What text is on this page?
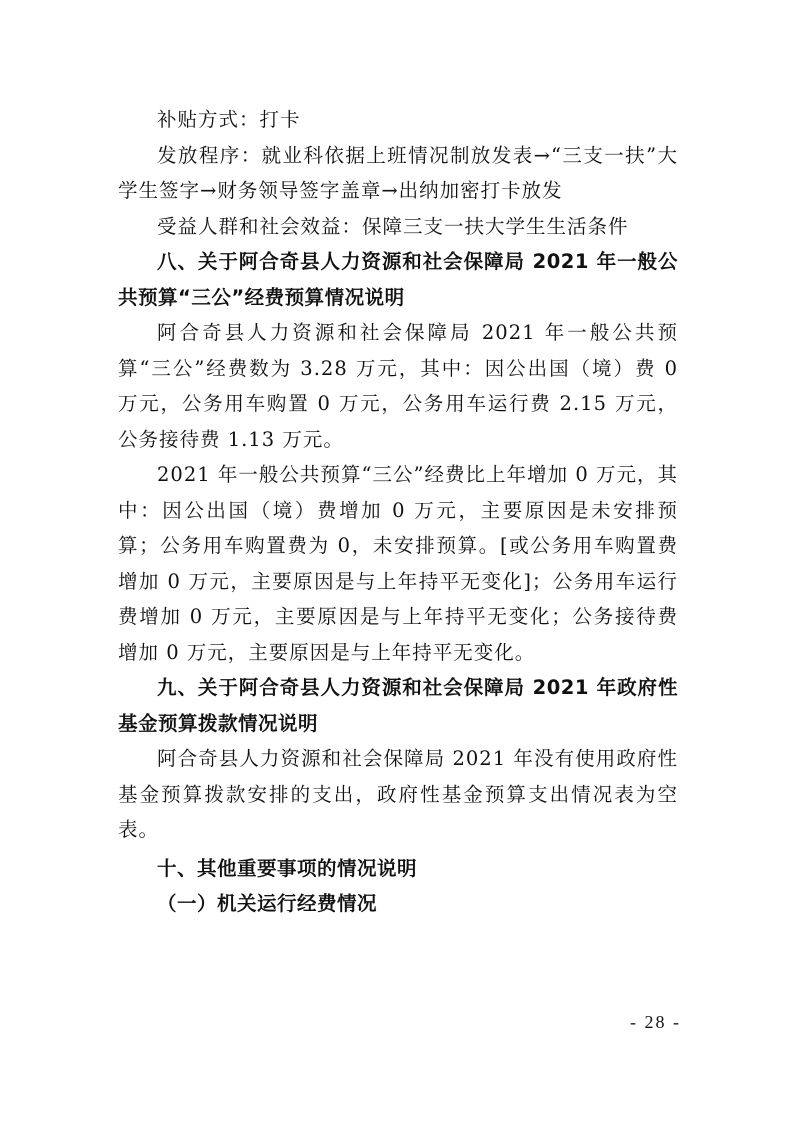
补贴方式：打卡

发放程序：就业科依据上班情况制放发表→“三支一扶”大学生签字→财务领导签字盖章→出纳加密打卡放发

受益人群和社会效益：保障三支一扶大学生生活条件

八、关于阿合奇县人力资源和社会保障局 2021 年一般公共预算“三公”经费预算情况说明

阿合奇县人力资源和社会保障局 2021 年一般公共预算“三公”经费数为 3.28 万元，其中：因公出国（境）费 0 万元，公务用车购置 0 万元，公务用车运行费 2.15 万元，公务接待费 1.13 万元。

2021 年一般公共预算“三公”经费比上年增加 0 万元，其中：因公出国（境）费增加 0 万元，主要原因是未安排预算；公务用车购置费为 0，未安排预算。[或公务用车购置费增加 0 万元，主要原因是与上年持平无变化]；公务用车运行费增加 0 万元，主要原因是与上年持平无变化；公务接待费增加 0 万元，主要原因是与上年持平无变化。

九、关于阿合奇县人力资源和社会保障局 2021 年政府性基金预算拨款情况说明

阿合奇县人力资源和社会保障局 2021 年没有使用政府性基金预算拨款安排的支出，政府性基金预算支出情况表为空表。

十、其他重要事项的情况说明

（一）机关运行经费情况

- 28 -
